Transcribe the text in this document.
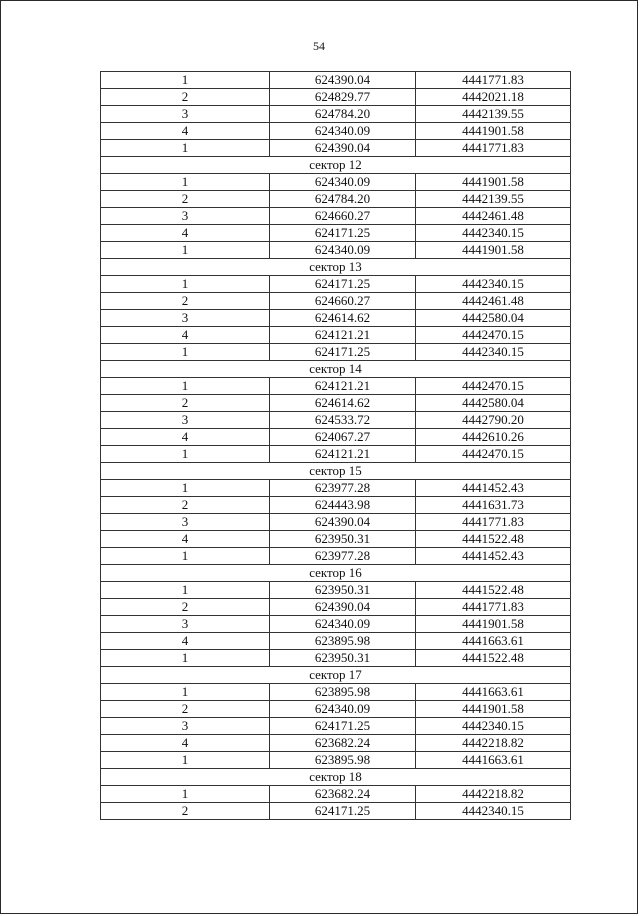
54
1	624390.04	4441771.83
2	624829.77	4442021.18
3	624784.20	4442139.55
4	624340.09	4441901.58
1	624390.04	4441771.83
сектор 12		
1	624340.09	4441901.58
2	624784.20	4442139.55
3	624660.27	4442461.48
4	624171.25	4442340.15
1	624340.09	4441901.58
сектор 13		
1	624171.25	4442340.15
2	624660.27	4442461.48
3	624614.62	4442580.04
4	624121.21	4442470.15
1	624171.25	4442340.15
сектор 14		
1	624121.21	4442470.15
2	624614.62	4442580.04
3	624533.72	4442790.20
4	624067.27	4442610.26
1	624121.21	4442470.15
сектор 15		
1	623977.28	4441452.43
2	624443.98	4441631.73
3	624390.04	4441771.83
4	623950.31	4441522.48
1	623977.28	4441452.43
сектор 16		
1	623950.31	4441522.48
2	624390.04	4441771.83
3	624340.09	4441901.58
4	623895.98	4441663.61
1	623950.31	4441522.48
сектор 17		
1	623895.98	4441663.61
2	624340.09	4441901.58
3	624171.25	4442340.15
4	623682.24	4442218.82
1	623895.98	4441663.61
сектор 18		
1	623682.24	4442218.82
2	624171.25	4442340.15
